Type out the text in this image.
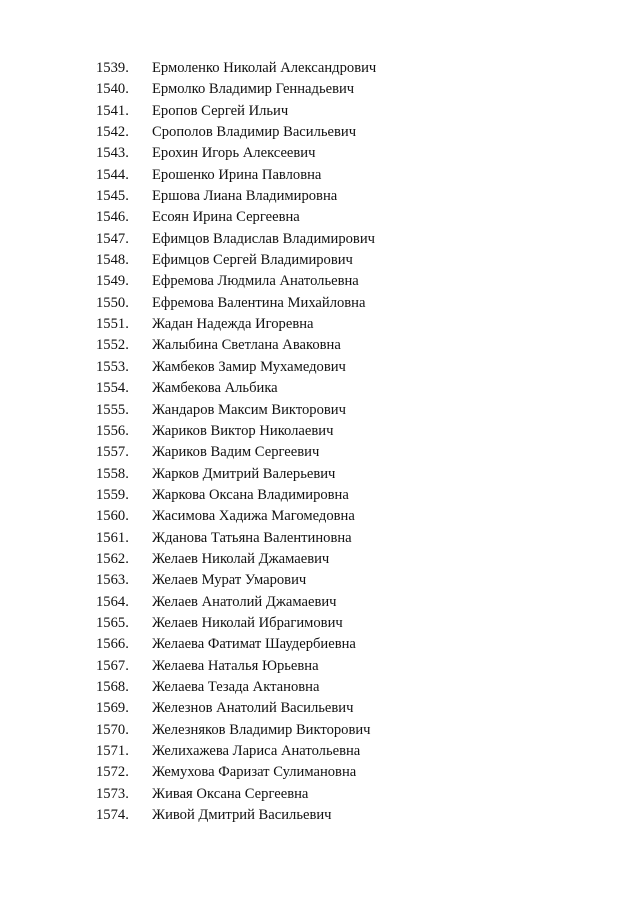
1539.	Ермоленко Николай Александрович
1540.	Ермолко Владимир Геннадьевич
1541.	Еропов Сергей Ильич
1542.	Срополов Владимир Васильевич
1543.	Ерохин Игорь Алексеевич
1544.	Ерошенко Ирина Павловна
1545.	Ершова Лиана Владимировна
1546.	Есоян Ирина Сергеевна
1547.	Ефимцов Владислав Владимирович
1548.	Ефимцов Сергей Владимирович
1549.	Ефремова Людмила Анатольевна
1550.	Ефремова Валентина Михайловна
1551.	Жадан Надежда Игоревна
1552.	Жалыбина Светлана Аваковна
1553.	Жамбеков Замир Мухамедович
1554.	Жамбекова Альбика
1555.	Жандаров Максим Викторович
1556.	Жариков Виктор Николаевич
1557.	Жариков Вадим Сергеевич
1558.	Жарков Дмитрий Валерьевич
1559.	Жаркова Оксана Владимировна
1560.	Жасимова Хадижа Магомедовна
1561.	Жданова Татьяна Валентиновна
1562.	Желаев Николай Джамаевич
1563.	Желаев Мурат Умарович
1564.	Желаев Анатолий Джамаевич
1565.	Желаев Николай Ибрагимович
1566.	Желаева Фатимат Шаудербиевна
1567.	Желаева Наталья Юрьевна
1568.	Желаева Тезада Актановна
1569.	Железнов Анатолий Васильевич
1570.	Железняков Владимир Викторович
1571.	Желихажева Лариса Анатольевна
1572.	Жемухова Фаризат Сулимановна
1573.	Живая Оксана Сергеевна
1574.	Живой Дмитрий Васильевич
